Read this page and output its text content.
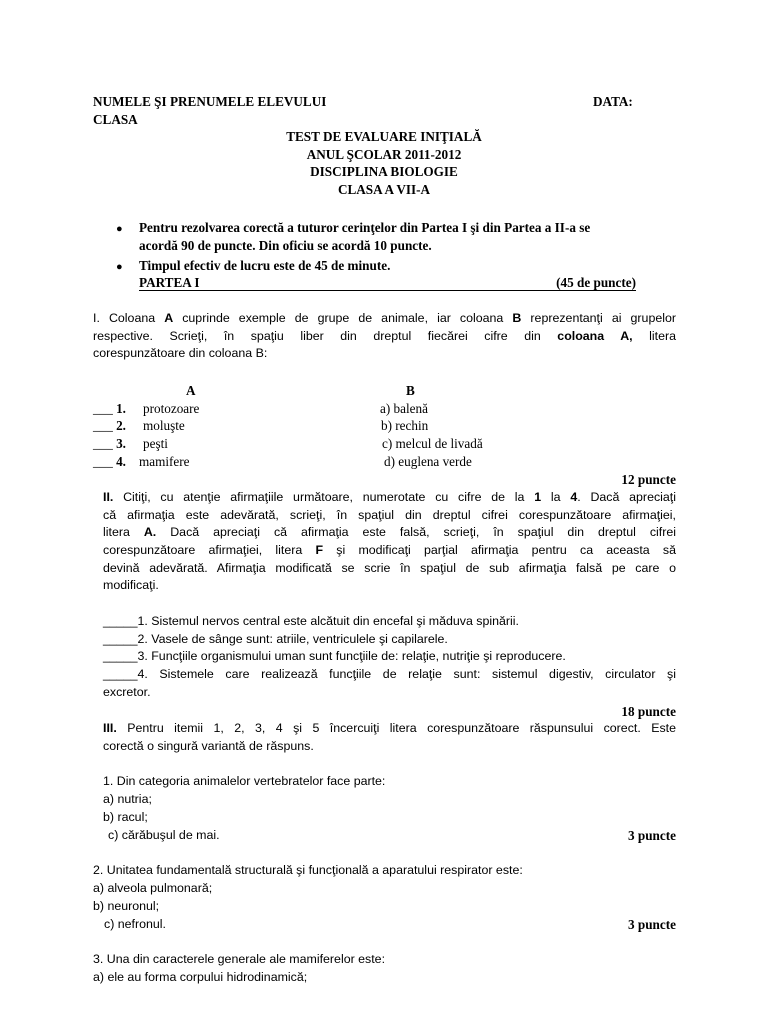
NUMELE ŞI PRENUMELE ELEVULUI	DATA:
CLASA
TEST DE EVALUARE INIŢIALĂ
ANUL ŞCOLAR 2011-2012
DISCIPLINA BIOLOGIE
CLASA A VII-A
● Pentru rezolvarea corectă a tuturor cerinţelor din Partea I şi din Partea a II-a se
acordă 90 de puncte. Din oficiu se acordă 10 puncte.
● Timpul efectiv de lucru este de 45 de minute.
PARTEA I	(45 de puncte)
I. Coloana A cuprinde exemple de grupe de animale, iar coloana B reprezentanţi ai grupelor
respective. Scrieţi, în spaţiu liber din dreptul fiecărei cifre din coloana A, litera
corespunzătoare din coloana B:
A	B
___ 1. protozoare	a) balenă
___ 2. moluşte	b) rechin
___ 3. peşti	c) melcul de livadă
___ 4. mamifere	d) euglena verde
12 puncte
II. Citiţi, cu atenţie afirmaţiile următoare, numerotate cu cifre de la 1 la 4. Dacă apreciaţi
că afirmaţia este adevărată, scrieţi, în spaţiul din dreptul cifrei corespunzătoare afirmaţiei,
litera A. Dacă apreciaţi că afirmaţia este falsă, scrieţi, în spaţiul din dreptul cifrei
corespunzătoare afirmaţiei, litera F şi modificaţi parţial afirmaţia pentru ca aceasta să
devină adevărată. Afirmaţia modificată se scrie în spaţiul de sub afirmaţia falsă pe care o
modificaţi.
_____1. Sistemul nervos central este alcătuit din encefal şi măduva spinării.
_____2. Vasele de sânge sunt: atriile, ventriculele şi capilarele.
_____3. Funcţiile organismului uman sunt funcţiile de: relaţie, nutriţie şi reproducere.
_____4. Sistemele care realizează funcţiile de relaţie sunt: sistemul digestiv, circulator şi
excretor.
18 puncte
III. Pentru itemii 1, 2, 3, 4 şi 5 încercuiţi litera corespunzătoare răspunsului corect. Este
corectă o singură variantă de răspuns.
1. Din categoria animalelor vertebratelor face parte:
a) nutria;
b) racul;
c) cărăbuşul de mai.	3 puncte
2. Unitatea fundamentală structurală şi funcţională a aparatului respirator este:
a) alveola pulmonară;
b) neuronul;
c) nefronul.	3 puncte
3. Una din caracterele generale ale mamiferelor este:
a) ele au forma corpului hidrodinamică;
